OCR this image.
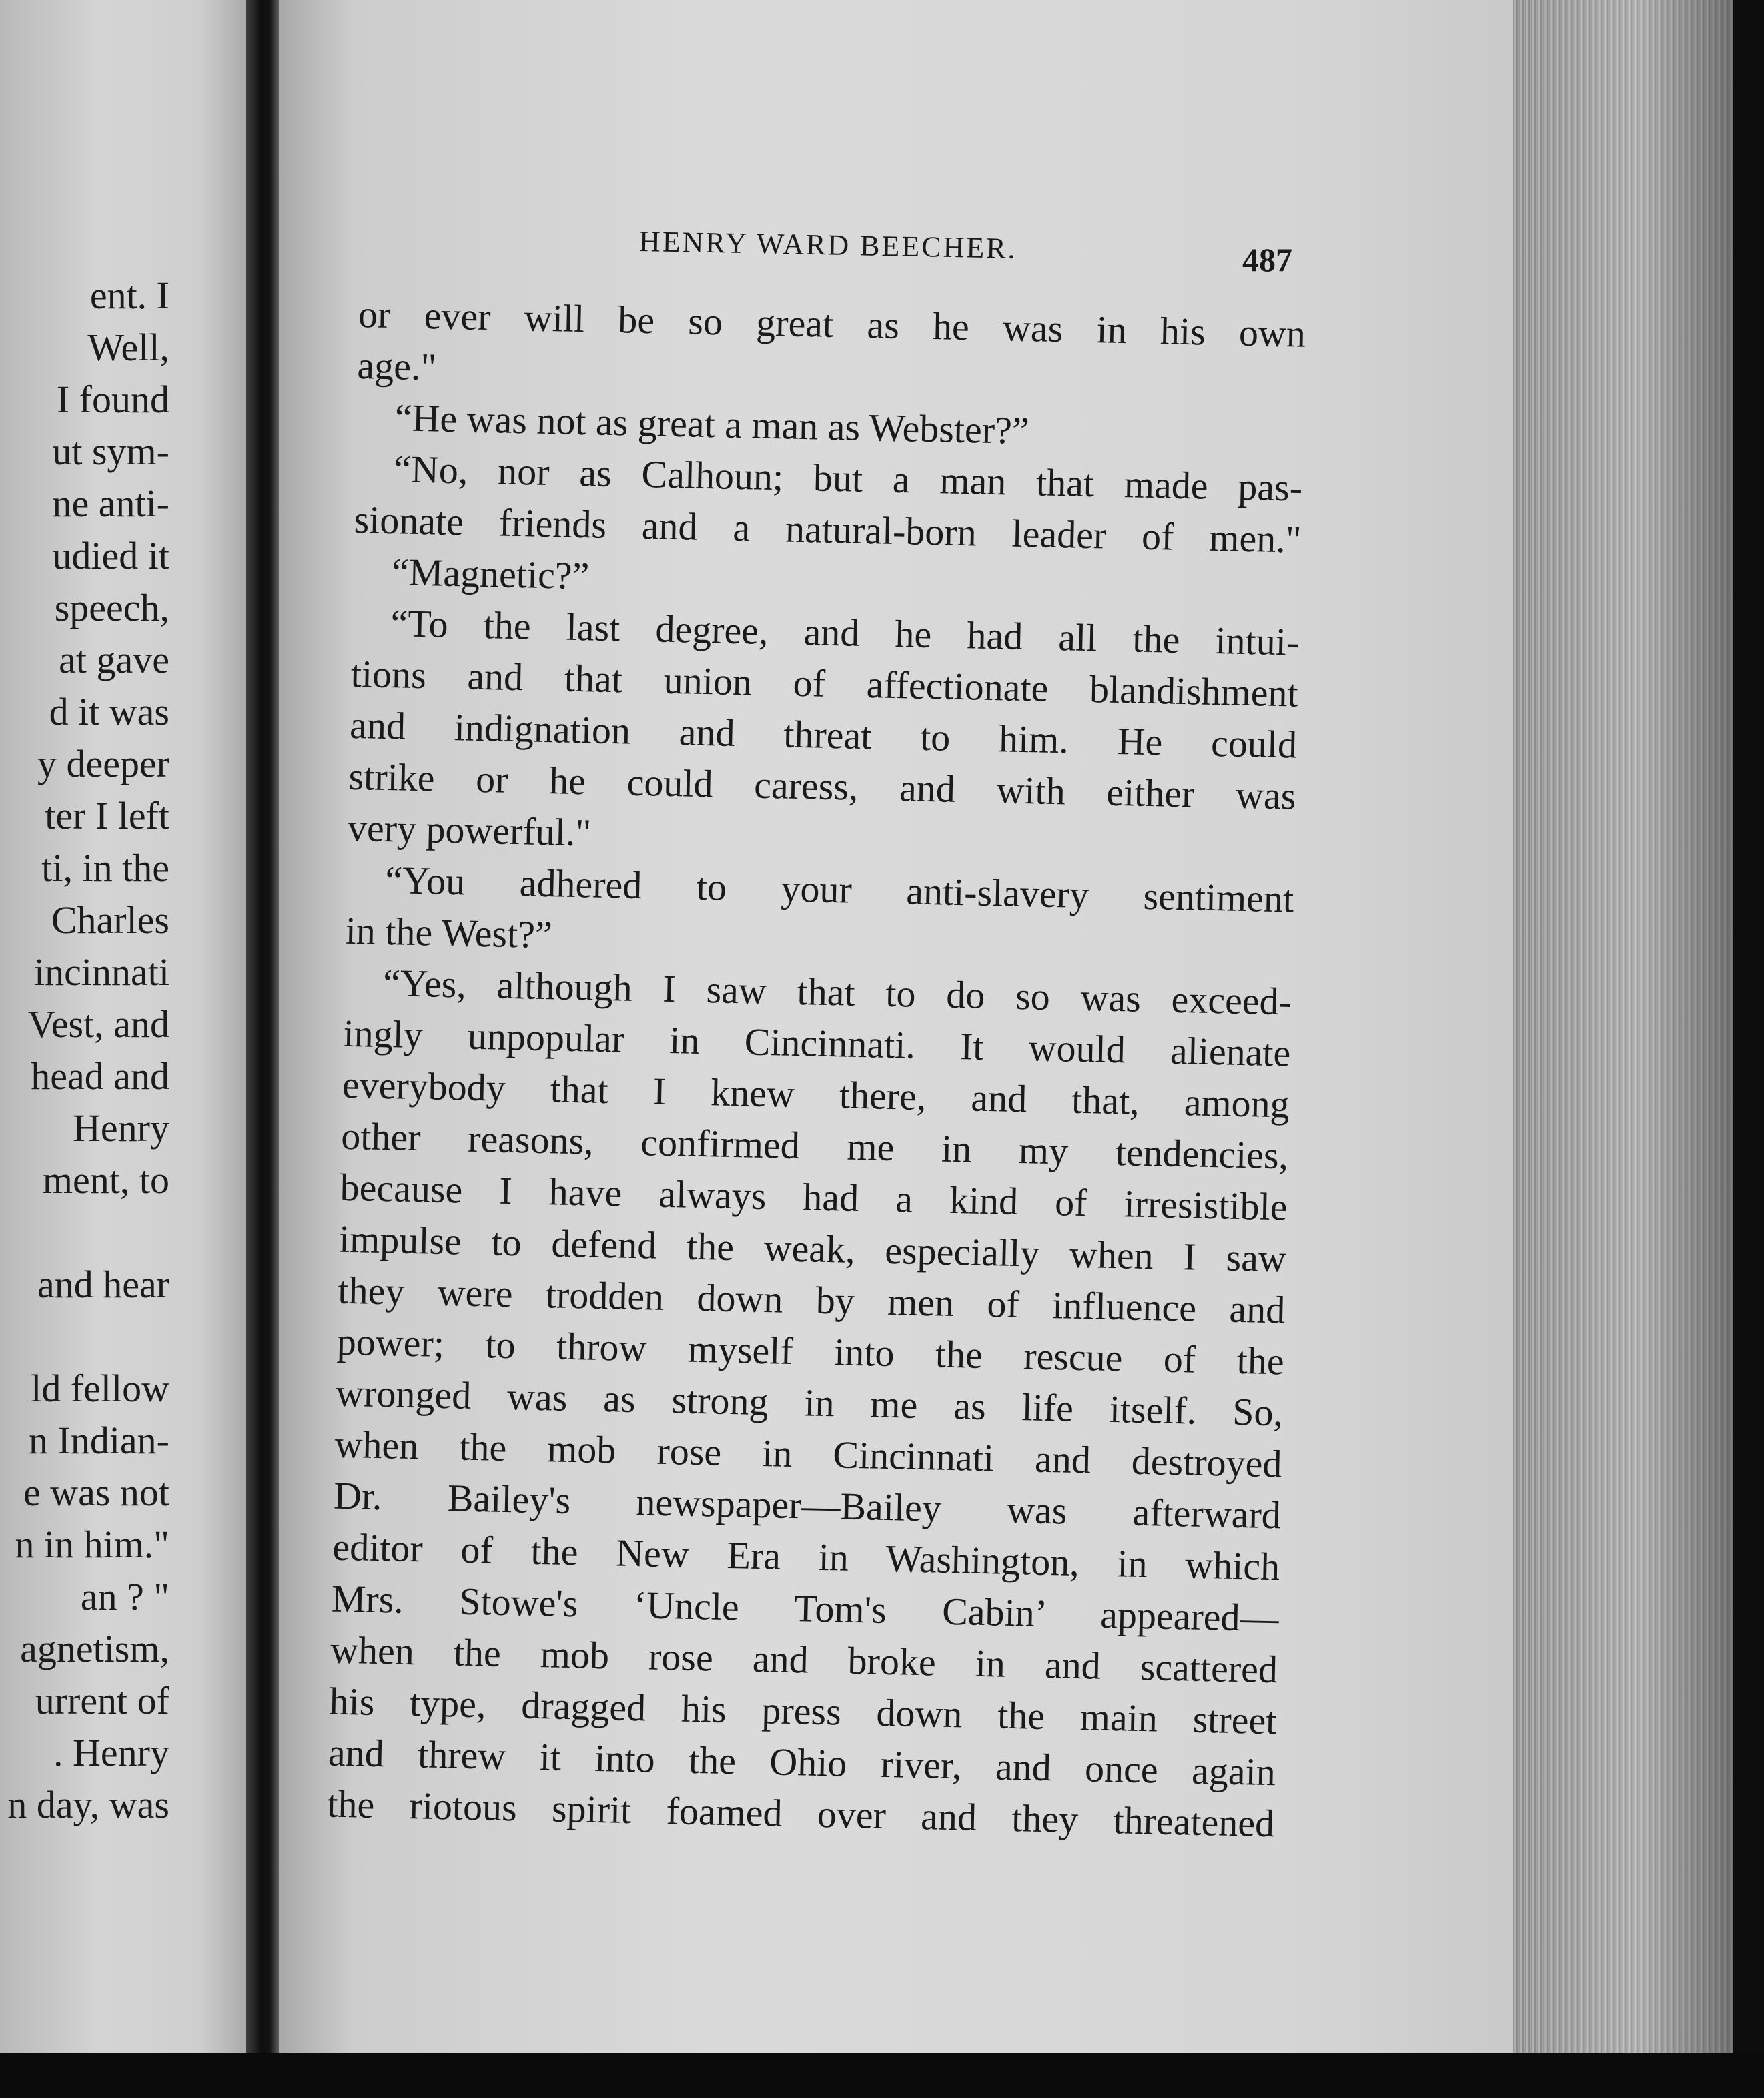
ent. I
Well,
I found
ut sym-
ne anti-
udied it
speech,
at gave
d it was
y deeper
ter I left
ti, in the
Charles
incinnati
Vest, and
head and
Henry
ment, to
and hear
ld fellow
n Indian-
e was not
n in him."
an ? "
agnetism,
urrent of
. Henry
n day, was
HENRY WARD BEECHER.	487
or ever will be so great as he was in his own
age."
“He was not as great a man as Webster?”
“No, nor as Calhoun; but a man that made pas-
sionate friends and a natural-born leader of men."
“Magnetic?”
“To the last degree, and he had all the intui-
tions and that union of affectionate blandishment
and indignation and threat to him. He could
strike or he could caress, and with either was
very powerful."
“You adhered to your anti-slavery sentiment
in the West?”
“Yes, although I saw that to do so was exceed-
ingly unpopular in Cincinnati. It would alienate
everybody that I knew there, and that, among
other reasons, confirmed me in my tendencies,
because I have always had a kind of irresistible
impulse to defend the weak, especially when I saw
they were trodden down by men of influence and
power; to throw myself into the rescue of the
wronged was as strong in me as life itself. So,
when the mob rose in Cincinnati and destroyed
Dr. Bailey's newspaper—Bailey was afterward
editor of the New Era in Washington, in which
Mrs. Stowe's ‘Uncle Tom's Cabin’ appeared—
when the mob rose and broke in and scattered
his type, dragged his press down the main street
and threw it into the Ohio river, and once again
the riotous spirit foamed over and they threatened
